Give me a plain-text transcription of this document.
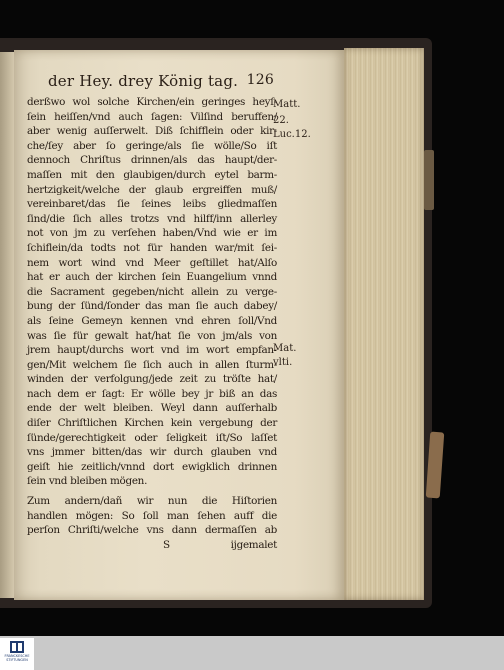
der Hey. drey König tag. 126
derßwo wol solche Kirchen/ein geringes heyſ-
ſein heiſſen/vnd auch ſagen: Vilſind beruffen/
aber wenig auſſerwelt. Diß ſchifflein oder kir-
che/ſey aber ſo geringe/als ſie wölle/So iſt
dennoch Chriſtus drinnen/als das haupt/der-
maſſen mit den glaubigen/durch eytel barm-
hertzigkeit/welche der glaub ergreiffen muß/
vereinbaret/das ſie ſeines leibs gliedmaſſen
ſind/die ſich alles trotzs vnd hilff/inn allerley
not von jm zu verſehen haben/Vnd wie er im
ſchiflein/da todts not für handen war/mit ſei-
nem wort wind vnd Meer geſtillet hat/Alſo
hat er auch der kirchen ſein Euangelium vnnd
die Sacrament gegeben/nicht allein zu verge-
bung der ſünd/ſonder das man ſie auch dabey/
als ſeine Gemeyn kennen vnd ehren ſoll/Vnd
was ſie für gewalt hat/hat ſie von jm/als von
jrem haupt/durchs wort vnd im wort empfan-
gen/Mit welchem ſie ſich auch in allen ſturm-
winden der verfolgung/jede zeit zu tröſte hat/
nach dem er ſagt: Er wölle bey jr biß an das
ende der welt bleiben. Weyl dann auſſerhalb
diſer Chriſtlichen Kirchen kein vergebung der
ſünde/gerechtigkeit oder ſeligkeit iſt/So laſſet
vns jmmer bitten/das wir durch glauben vnd
geiſt hie zeitlich/vnnd dort ewigklich drinnen
ſein vnd bleiben mögen.
Zum andern/dañ wir nun die Hiſtorien
handlen mögen: So ſoll man ſehen auff die
perſon Chriſti/welche vns dann dermaſſen ab
S ij gemalet
Matt.
22.
Luc.12.
Mat.
vlti.
FRANCKESCHE
STIFTUNGEN
